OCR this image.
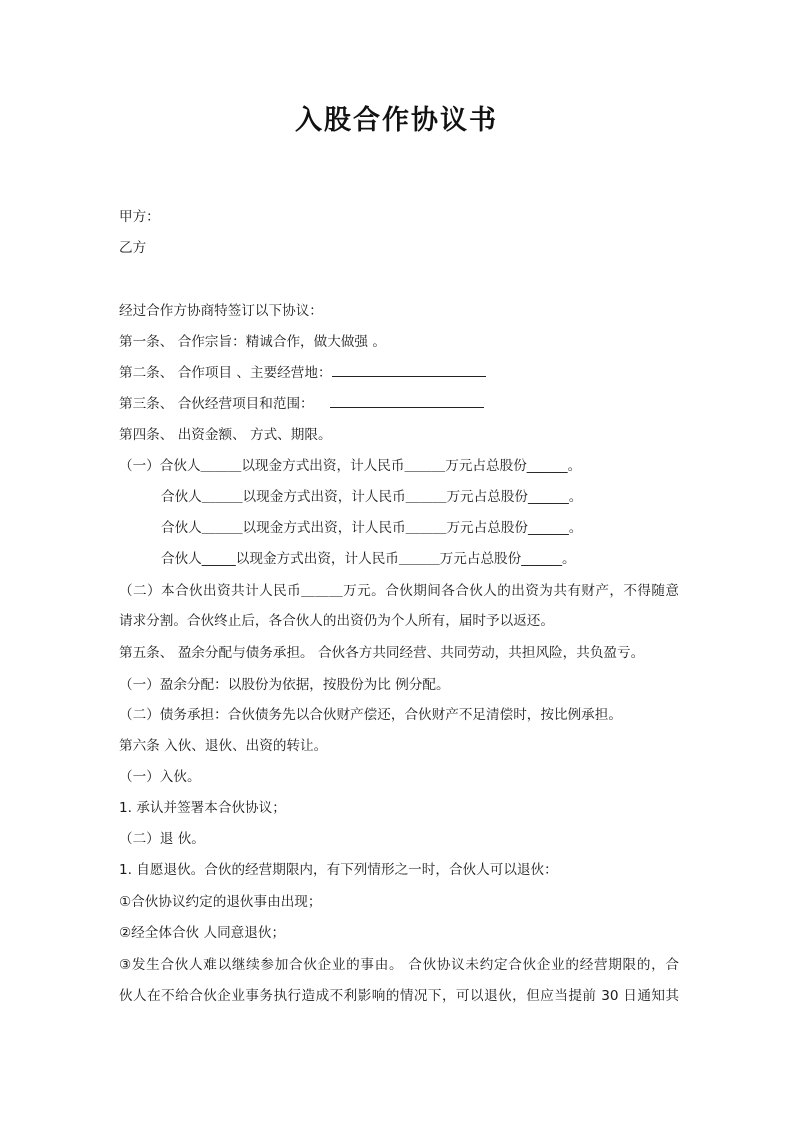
入股合作协议书
甲方：
乙方
经过合作方协商特签订以下协议：
第一条、 合作宗旨：精诚合作，做大做强 。
第二条、 合作项目 、主要经营地：
第三条、 合伙经营项目和范围：
第四条、 出资金额、 方式、期限。
（一）合伙人＿＿＿以现金方式出资，计人民币＿＿＿万元占总股份______。
合伙人＿＿＿以现金方式出资，计人民币＿＿＿万元占总股份______。
合伙人＿＿＿以现金方式出资，计人民币＿＿＿万元占总股份______。
合伙人_____以现金方式出资，计人民币＿＿＿万元占总股份______。
（二）本合伙出资共计人民币＿＿＿万元。合伙期间各合伙人的出资为共有财产，不得随意
请求分割。合伙终止后，各合伙人的出资仍为个人所有，届时予以返还。
第五条、 盈余分配与债务承担。 合伙各方共同经营、共同劳动，共担风险，共负盈亏。
（一）盈余分配：以股份为依据，按股份为比 例分配。
（二）债务承担：合伙债务先以合伙财产偿还，合伙财产不足清偿时，按比例承担。
第六条 入伙、退伙、出资的转让。
（一）入伙。
1. 承认并签署本合伙协议；
（二）退 伙。
1. 自愿退伙。合伙的经营期限内，有下列情形之一时，合伙人可以退伙：
①合伙协议约定的退伙事由出现；
②经全体合伙 人同意退伙；
③发生合伙人难以继续参加合伙企业的事由。 合伙协议未约定合伙企业的经营期限的，合
伙人在不给合伙企业事务执行造成不利影响的情况下，可以退伙，但应当提前 30 日通知其
